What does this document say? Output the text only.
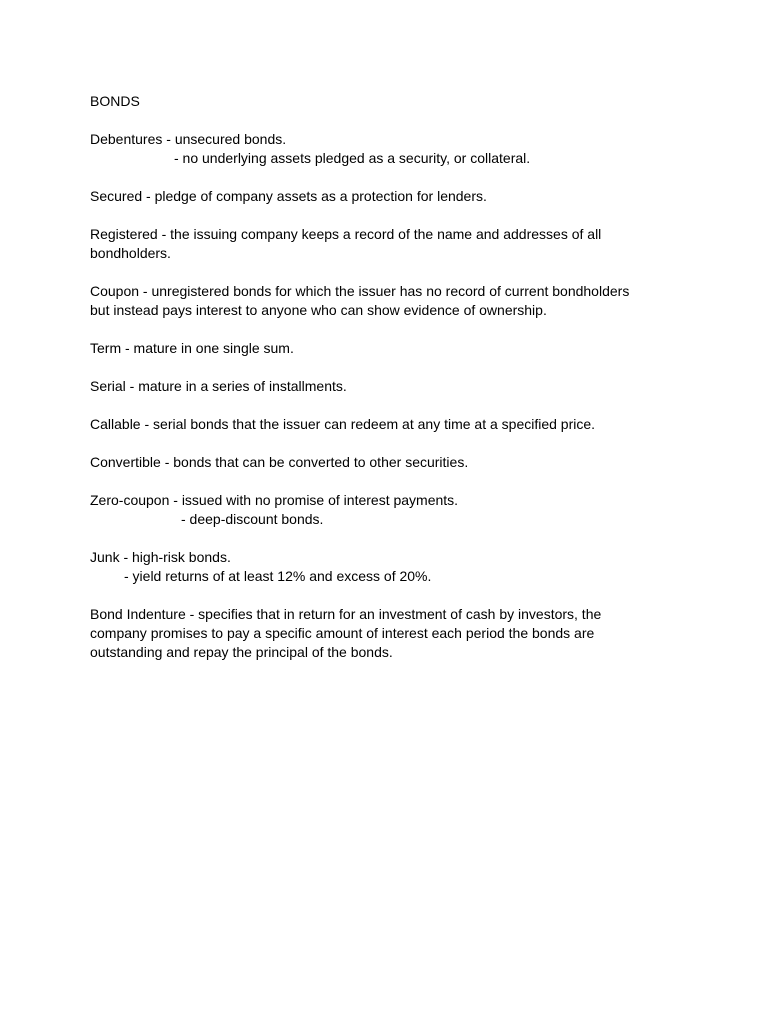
BONDS
Debentures - unsecured bonds.
- no underlying assets pledged as a security, or collateral.
Secured - pledge of company assets as a protection for lenders.
Registered - the issuing company keeps a record of the name and addresses of all
bondholders.
Coupon - unregistered bonds for which the issuer has no record of current bondholders
but instead pays interest to anyone who can show evidence of ownership.
Term - mature in one single sum.
Serial - mature in a series of installments.
Callable - serial bonds that the issuer can redeem at any time at a specified price.
Convertible - bonds that can be converted to other securities.
Zero-coupon - issued with no promise of interest payments.
- deep-discount bonds.
Junk - high-risk bonds.
- yield returns of at least 12% and excess of 20%.
Bond Indenture - specifies that in return for an investment of cash by investors, the
company promises to pay a specific amount of interest each period the bonds are
outstanding and repay the principal of the bonds.
